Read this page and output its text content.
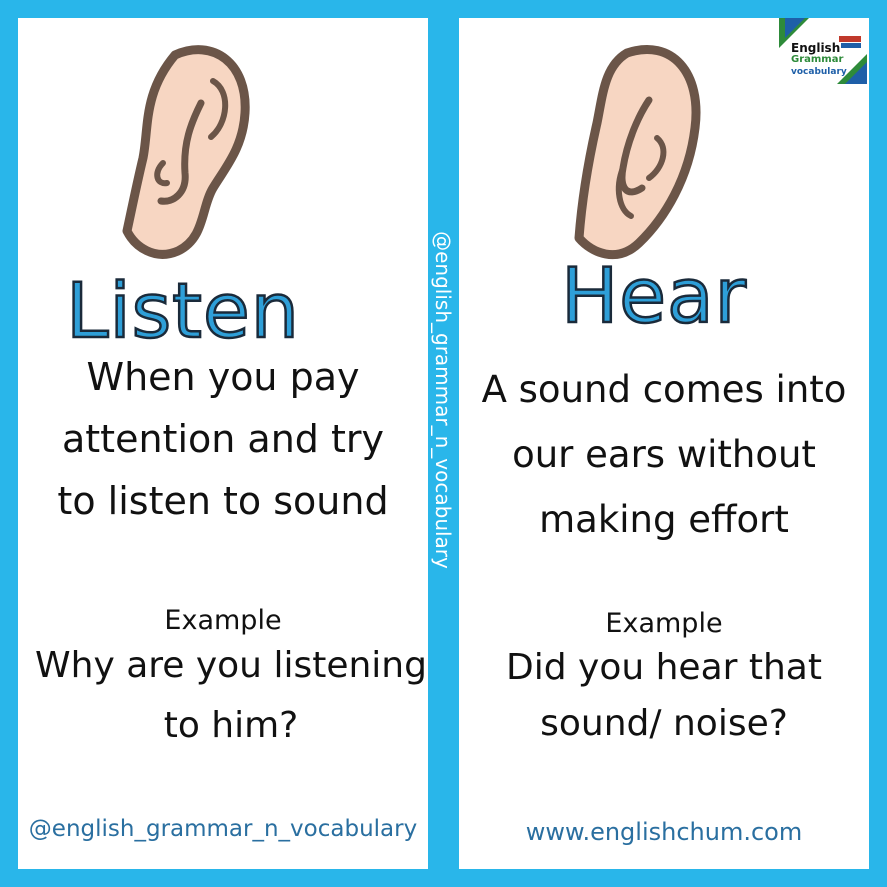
Listen
When you pay
attention and try
to listen to sound
Example
Why are you listening
to him?
@english_grammar_n_vocabulary
@english_grammar_n_vocabulary	Hear
A sound comes into
our ears without
making effort
Example
Did you hear that
sound/ noise?
www.englishchum.com
English
Grammar
vocabulary
